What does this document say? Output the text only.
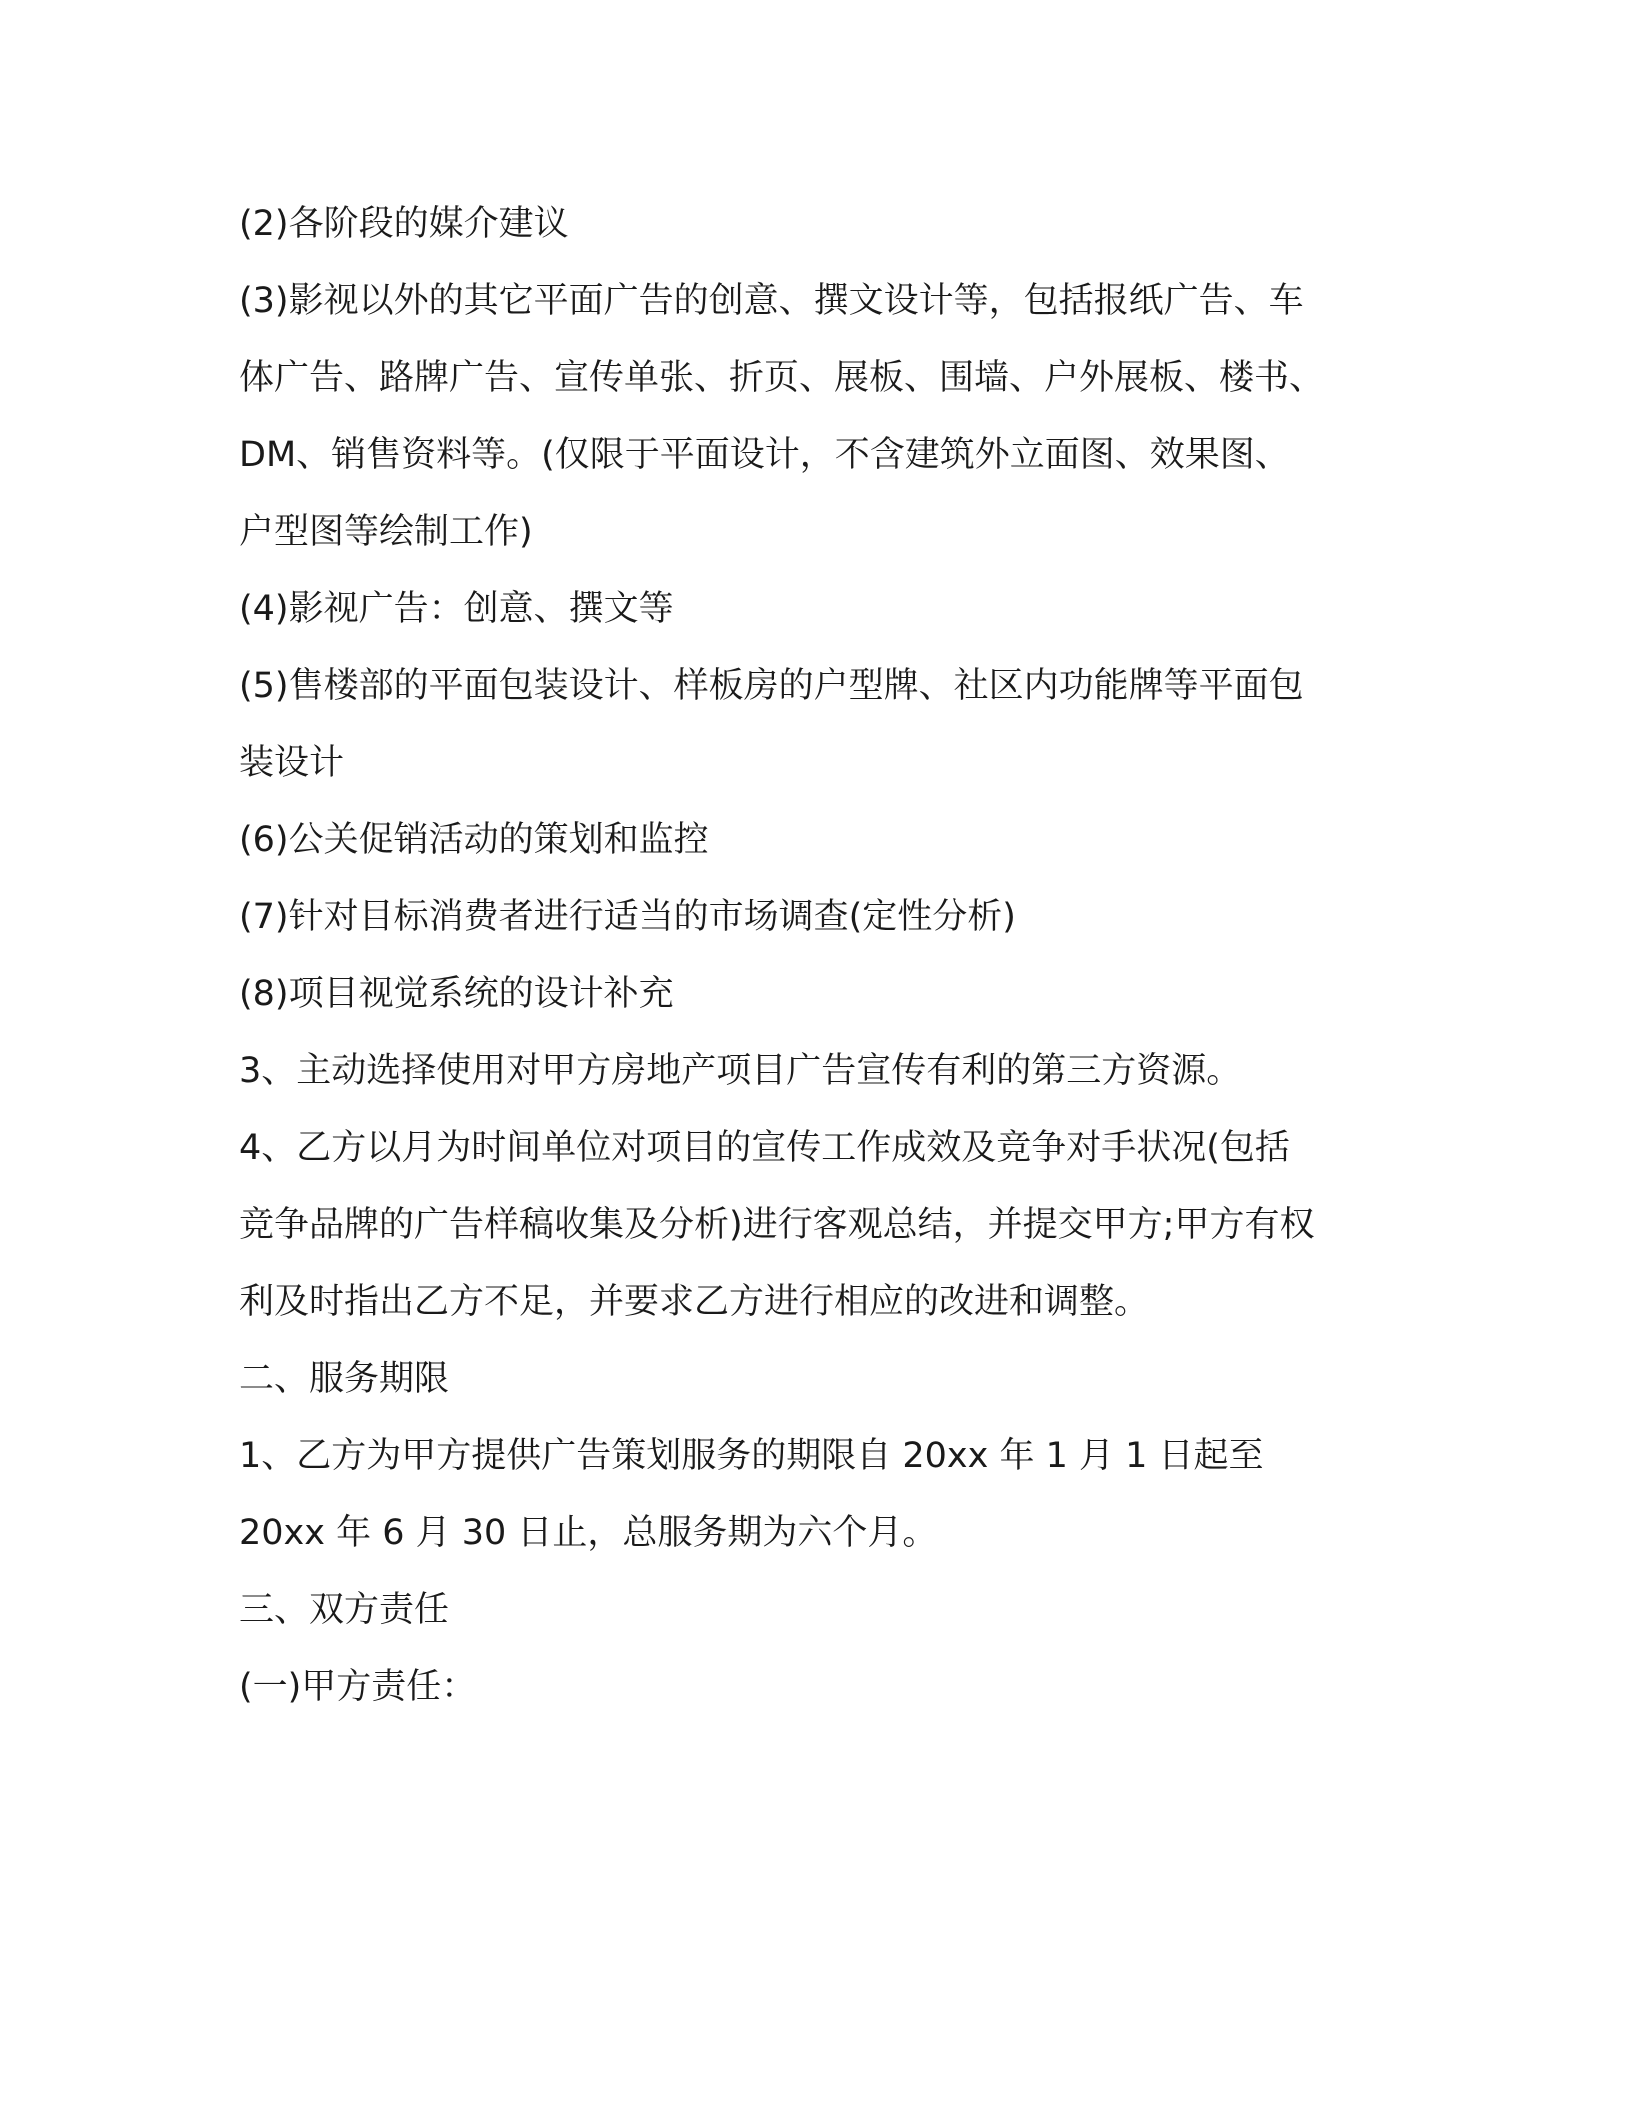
(2)各阶段的媒介建议
(3)影视以外的其它平面广告的创意、撰文设计等，包括报纸广告、车
体广告、路牌广告、宣传单张、折页、展板、围墙、户外展板、楼书、
DM、销售资料等。(仅限于平面设计，不含建筑外立面图、效果图、
户型图等绘制工作)
(4)影视广告：创意、撰文等
(5)售楼部的平面包装设计、样板房的户型牌、社区内功能牌等平面包
装设计
(6)公关促销活动的策划和监控
(7)针对目标消费者进行适当的市场调查(定性分析)
(8)项目视觉系统的设计补充
3、主动选择使用对甲方房地产项目广告宣传有利的第三方资源。
4、乙方以月为时间单位对项目的宣传工作成效及竞争对手状况(包括
竞争品牌的广告样稿收集及分析)进行客观总结，并提交甲方;甲方有权
利及时指出乙方不足，并要求乙方进行相应的改进和调整。
二、服务期限
1、乙方为甲方提供广告策划服务的期限自 20xx 年 1 月 1 日起至
20xx 年 6 月 30 日止，总服务期为六个月。
三、双方责任
(一)甲方责任：
